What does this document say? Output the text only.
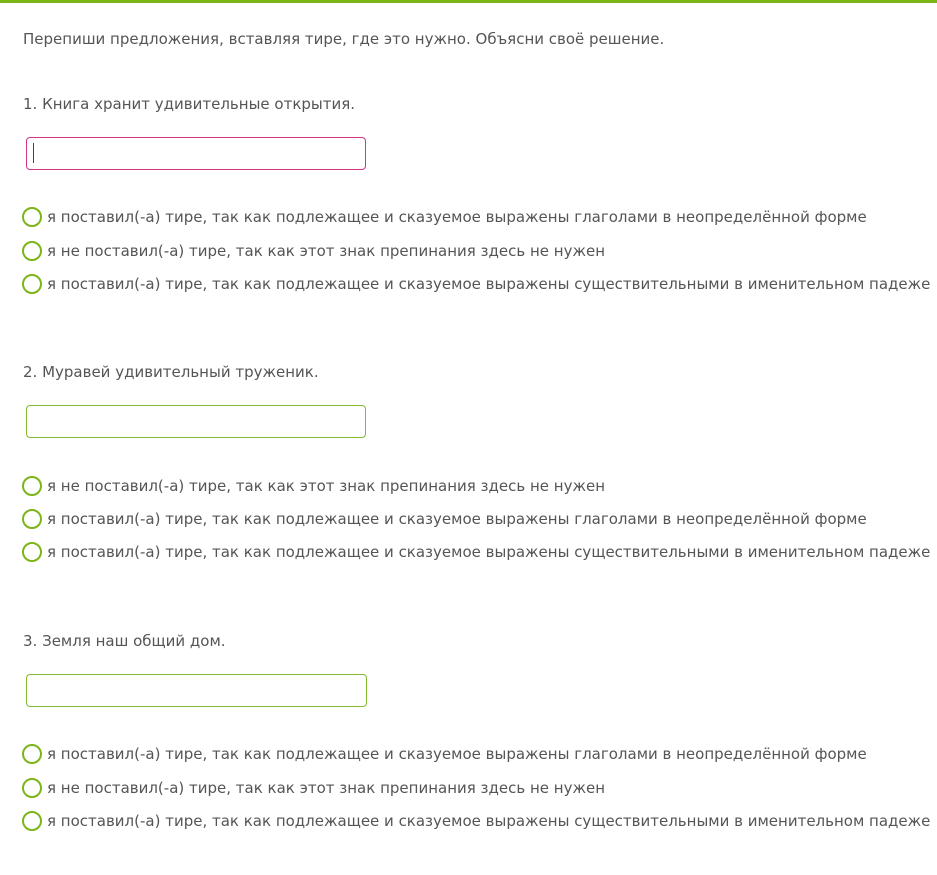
Перепиши предложения, вставляя тире, где это нужно. Объясни своё решение.
1. Книга хранит удивительные открытия.
я поставил(-а) тире, так как подлежащее и сказуемое выражены глаголами в неопределённой форме
я не поставил(-а) тире, так как этот знак препинания здесь не нужен
я поставил(-а) тире, так как подлежащее и сказуемое выражены существительными в именительном падеже
2. Муравей удивительный труженик.
я не поставил(-а) тире, так как этот знак препинания здесь не нужен
я поставил(-а) тире, так как подлежащее и сказуемое выражены глаголами в неопределённой форме
я поставил(-а) тире, так как подлежащее и сказуемое выражены существительными в именительном падеже
3. Земля наш общий дом.
я поставил(-а) тире, так как подлежащее и сказуемое выражены глаголами в неопределённой форме
я не поставил(-а) тире, так как этот знак препинания здесь не нужен
я поставил(-а) тире, так как подлежащее и сказуемое выражены существительными в именительном падеже
